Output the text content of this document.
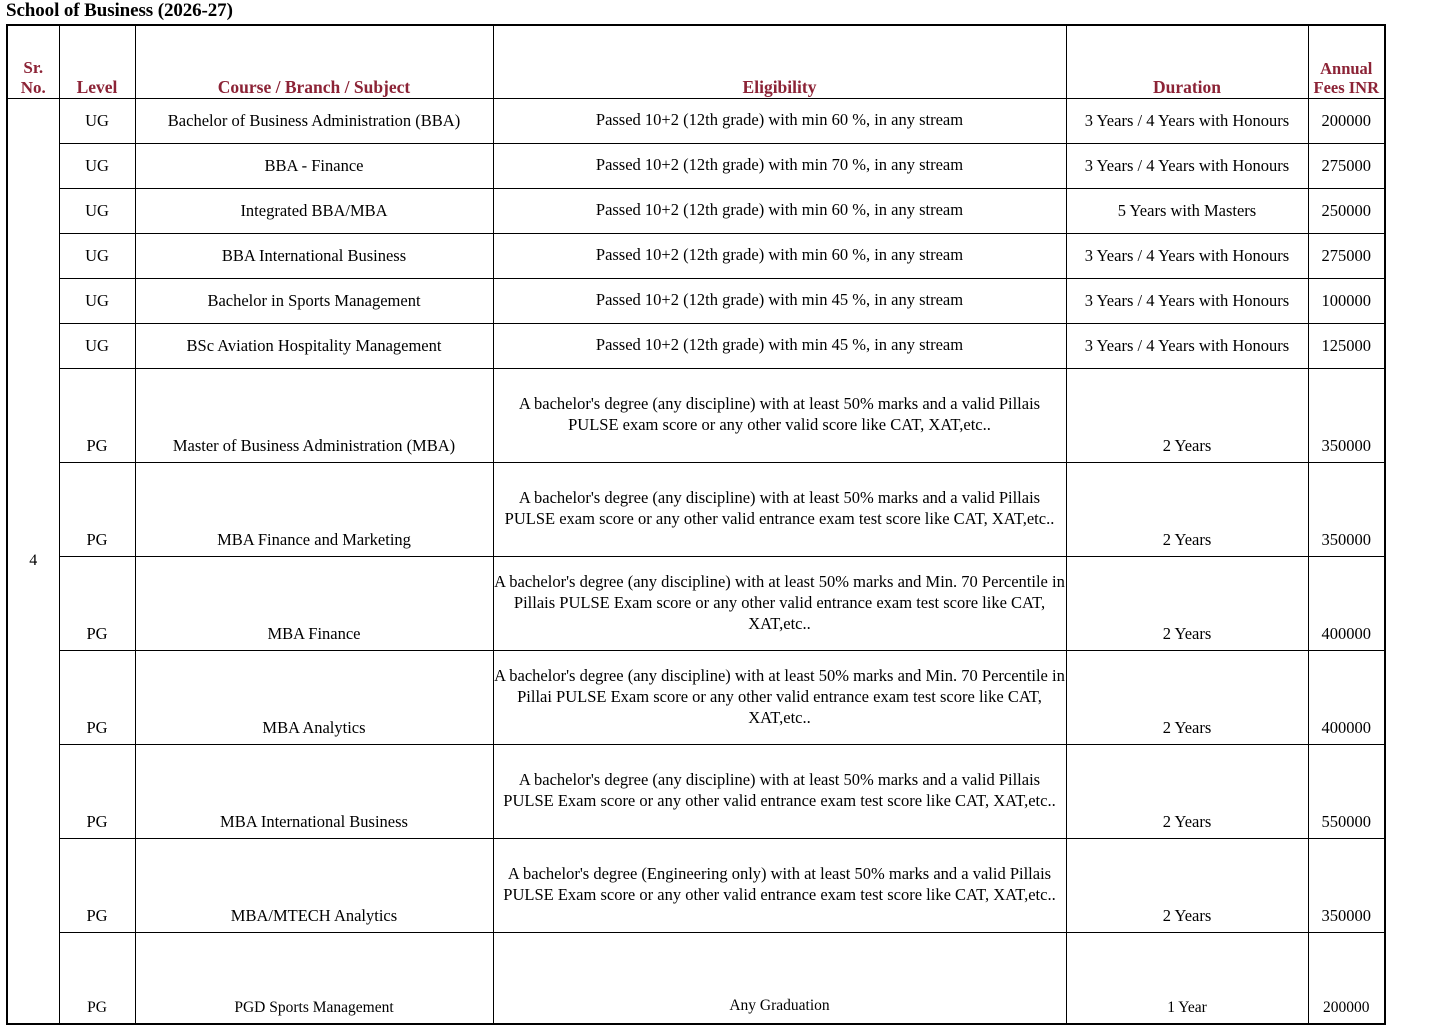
School of Business (2026-27)
Sr.
No.	Level	Course / Branch / Subject	Eligibility	Duration	Annual
Fees INR
4	UG	Bachelor of Business Administration (BBA)	Passed 10+2 (12th grade) with min 60 %, in any stream	3 Years / 4 Years with Honours	200000
	UG	BBA - Finance	Passed 10+2 (12th grade) with min 70 %, in any stream	3 Years / 4 Years with Honours	275000
	UG	Integrated BBA/MBA	Passed 10+2 (12th grade) with min 60 %, in any stream	5 Years with Masters	250000
	UG	BBA International Business	Passed 10+2 (12th grade) with min 60 %, in any stream	3 Years / 4 Years with Honours	275000
	UG	Bachelor in Sports Management	Passed 10+2 (12th grade) with min 45 %, in any stream	3 Years / 4 Years with Honours	100000
	UG	BSc Aviation Hospitality Management	Passed 10+2 (12th grade) with min 45 %, in any stream	3 Years / 4 Years with Honours	125000
	PG	Master of Business Administration (MBA)	A bachelor's degree (any discipline) with at least 50% marks and a valid Pillais PULSE exam score or any other valid score like CAT, XAT,etc..	2 Years	350000
	PG	MBA Finance and Marketing	A bachelor's degree (any discipline) with at least 50% marks and a valid Pillais PULSE exam score or any other valid entrance exam test score like CAT, XAT,etc..	2 Years	350000
	PG	MBA Finance	A bachelor's degree (any discipline) with at least 50% marks and Min. 70 Percentile in Pillais PULSE Exam score or any other valid entrance exam test score like CAT, XAT,etc..	2 Years	400000
	PG	MBA Analytics	A bachelor's degree (any discipline) with at least 50% marks and Min. 70 Percentile in Pillai PULSE Exam score or any other valid entrance exam test score like CAT, XAT,etc..	2 Years	400000
	PG	MBA International Business	A bachelor's degree (any discipline) with at least 50% marks and a valid Pillais PULSE Exam score or any other valid entrance exam test score like CAT, XAT,etc..	2 Years	550000
	PG	MBA/MTECH Analytics	A bachelor's degree (Engineering only) with at least 50% marks and a valid Pillais PULSE Exam score or any other valid entrance exam test score like CAT, XAT,etc..	2 Years	350000
	PG	PGD Sports Management	Any Graduation	1 Year	200000
